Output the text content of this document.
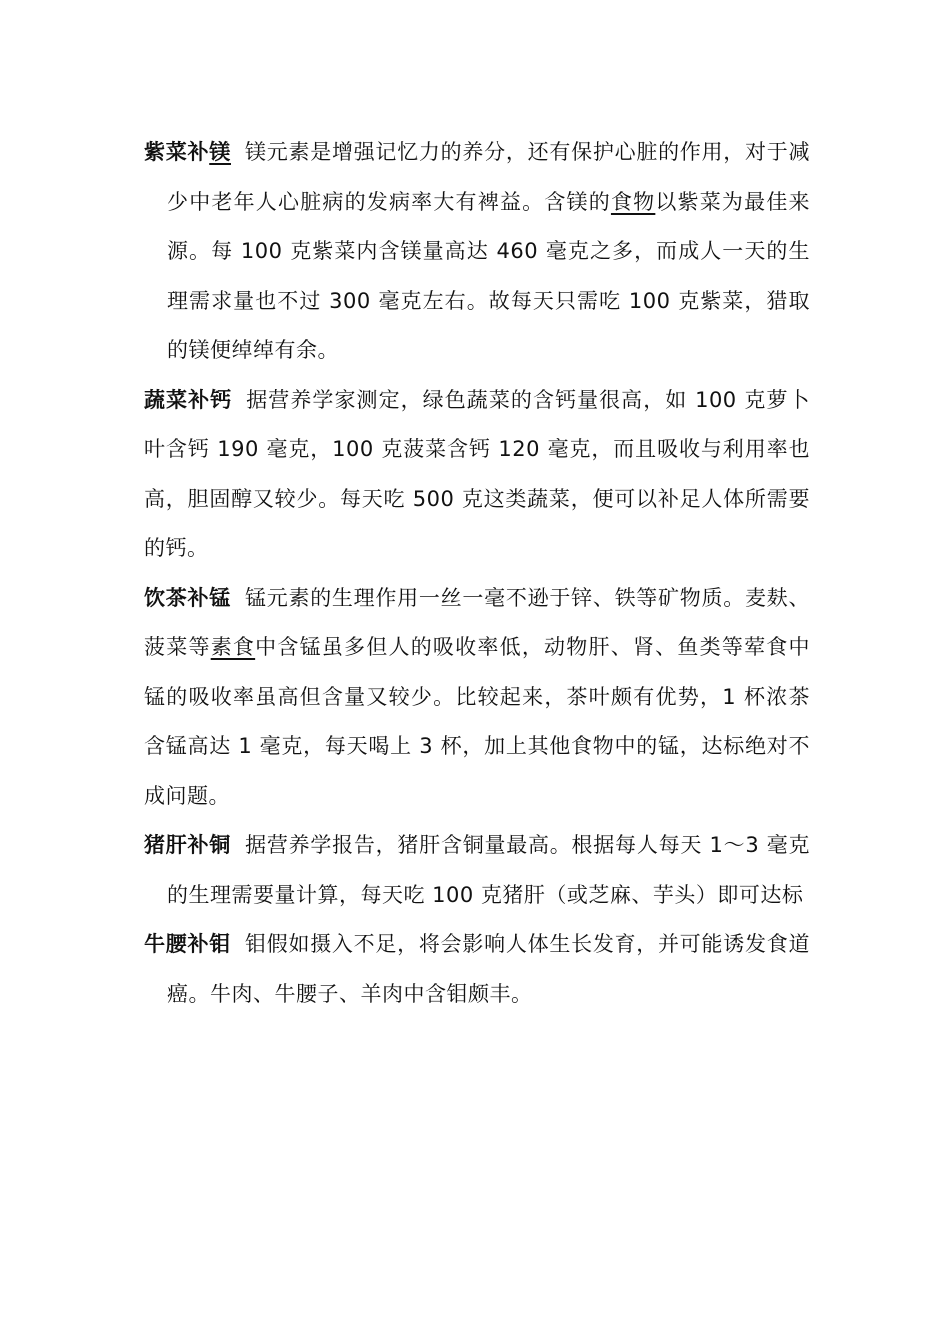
紫菜补镁 镁元素是增强记忆力的养分，还有保护心脏的作用，对于减少中老年人心脏病的发病率大有裨益。含镁的食物以紫菜为最佳来源。每 100 克紫菜内含镁量高达 460 毫克之多，而成人一天的生理需求量也不过 300 毫克左右。故每天只需吃 100 克紫菜，猎取的镁便绰绰有余。

蔬菜补钙 据营养学家测定，绿色蔬菜的含钙量很高，如 100 克萝卜叶含钙 190 毫克，100 克菠菜含钙 120 毫克，而且吸收与利用率也高，胆固醇又较少。每天吃 500 克这类蔬菜，便可以补足人体所需要的钙。

饮茶补锰 锰元素的生理作用一丝一毫不逊于锌、铁等矿物质。麦麸、菠菜等素食中含锰虽多但人的吸收率低，动物肝、肾、鱼类等荤食中锰的吸收率虽高但含量又较少。比较起来，茶叶颇有优势，1 杯浓茶含锰高达 1 毫克，每天喝上 3 杯，加上其他食物中的锰，达标绝对不成问题。

猪肝补铜 据营养学报告，猪肝含铜量最高。根据每人每天 1～3 毫克的生理需要量计算，每天吃 100 克猪肝（或芝麻、芋头）即可达标

牛腰补钼 钼假如摄入不足，将会影响人体生长发育，并可能诱发食道癌。牛肉、牛腰子、羊肉中含钼颇丰。
